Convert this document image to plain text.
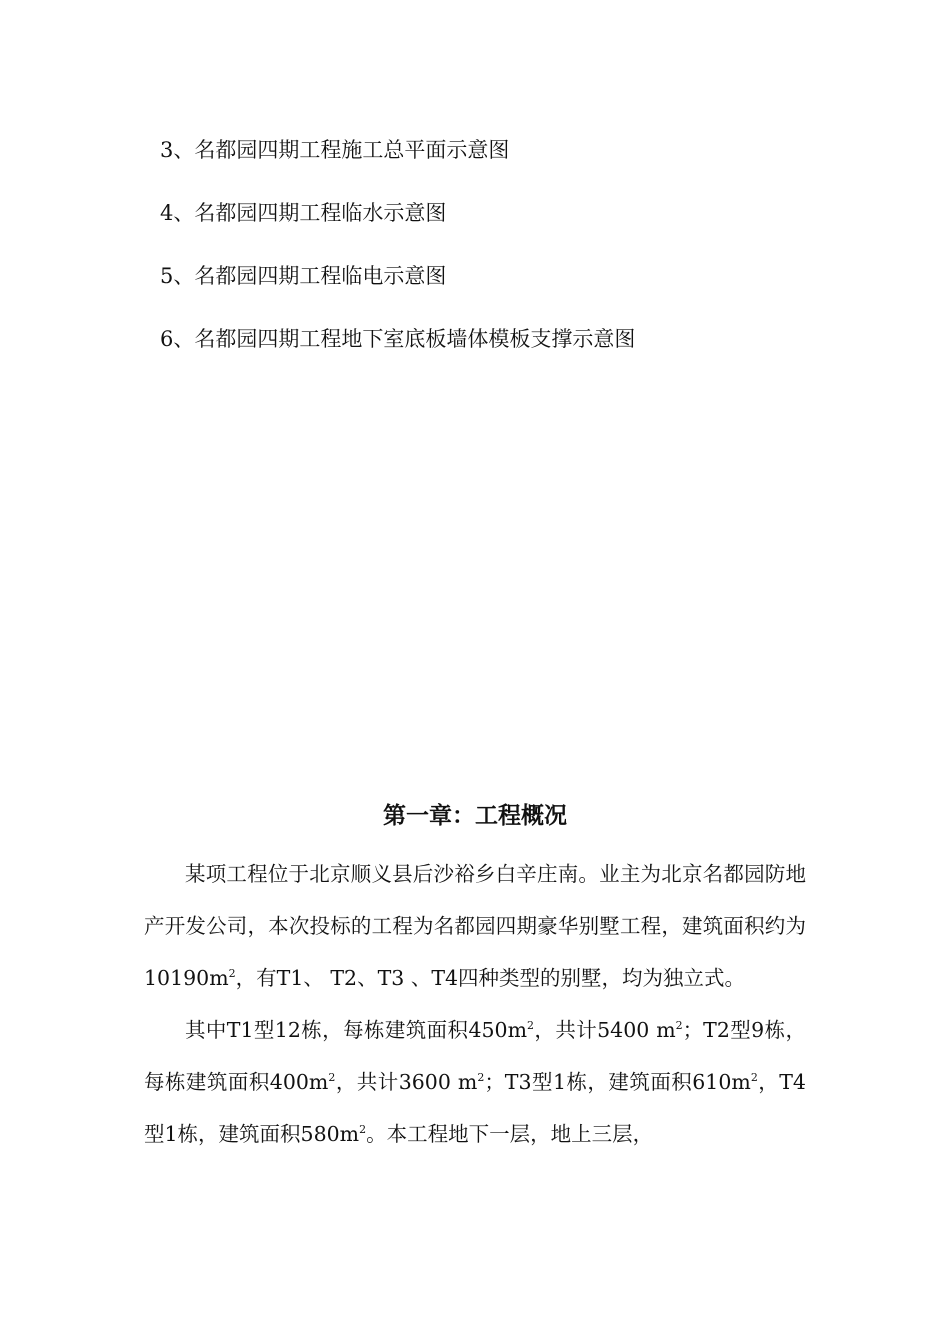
3、名都园四期工程施工总平面示意图
4、名都园四期工程临水示意图
5、名都园四期工程临电示意图
6、名都园四期工程地下室底板墙体模板支撑示意图
第一章：工程概况

某项工程位于北京顺义县后沙裕乡白辛庄南。业主为北京名都园防地产开发公司，本次投标的工程为名都园四期豪华别墅工程，建筑面积约为$10190m^2$，有T1、 T2、T3 、T4四种类型的别墅，均为独立式。

其中T1型12栋，每栋建筑面积$450m^2$，共计5400 $m^2$；T2型9栋，每栋建筑面积$400m^2$，共计3600 $m^2$；T3型1栋，建筑面积$610m^2$，T4型1栋，建筑面积$580m^2$。本工程地下一层，地上三层，
